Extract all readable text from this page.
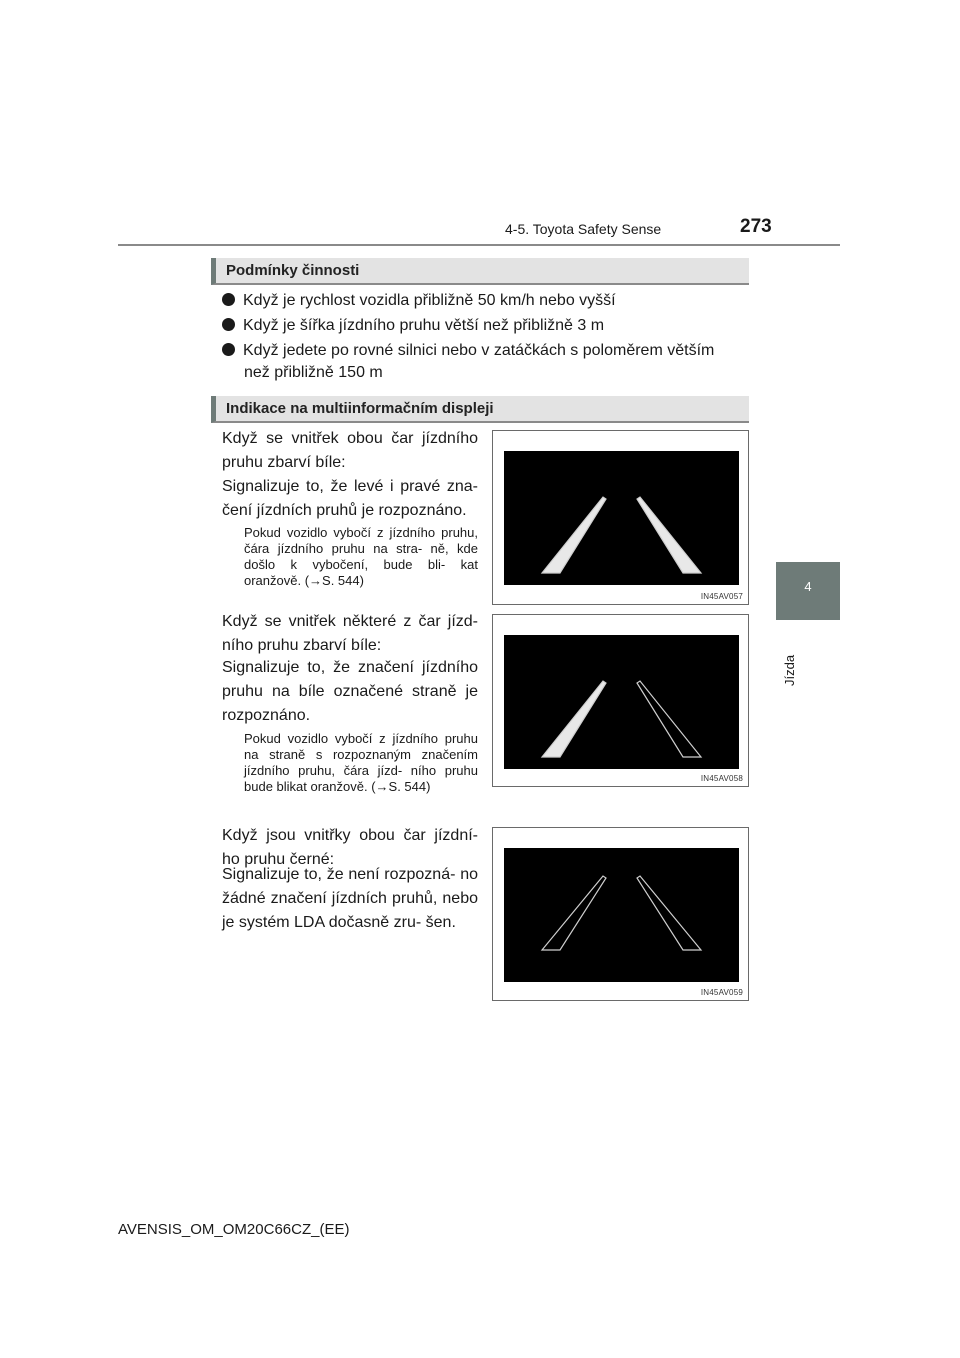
4-5. Toyota Safety Sense	273
4
Jízda
Podmínky činnosti
Když je rychlost vozidla přibližně 50 km/h nebo vyšší
Když je šířka jízdního pruhu větší než přibližně 3 m
Když jedete po rovné silnici nebo v zatáčkách s poloměrem větším
než přibližně 150 m
Indikace na multiinformačním displeji
Když se vnitřek obou čar jízdního pruhu zbarví bíle:
Signalizuje to, že levé i pravé zna- čení jízdních pruhů je rozpoznáno.
Pokud vozidlo vybočí z jízdního pruhu, čára jízdního pruhu na stra- ně, kde došlo k vybočení, bude bli- kat oranžově. (→S. 544)
IN45AV057
Když se vnitřek některé z čar jízd- ního pruhu zbarví bíle:
Signalizuje to, že značení jízdního pruhu na bíle označené straně je rozpoznáno.
Pokud vozidlo vybočí z jízdního pruhu na straně s rozpoznaným značením jízdního pruhu, čára jízd- ního pruhu bude blikat oranžově. (→S. 544)
IN45AV058
Když jsou vnitřky obou čar jízdní- ho pruhu černé:
Signalizuje to, že není rozpozná- no žádné značení jízdních pruhů, nebo je systém LDA dočasně zru- šen.
IN45AV059
AVENSIS_OM_OM20C66CZ_(EE)
